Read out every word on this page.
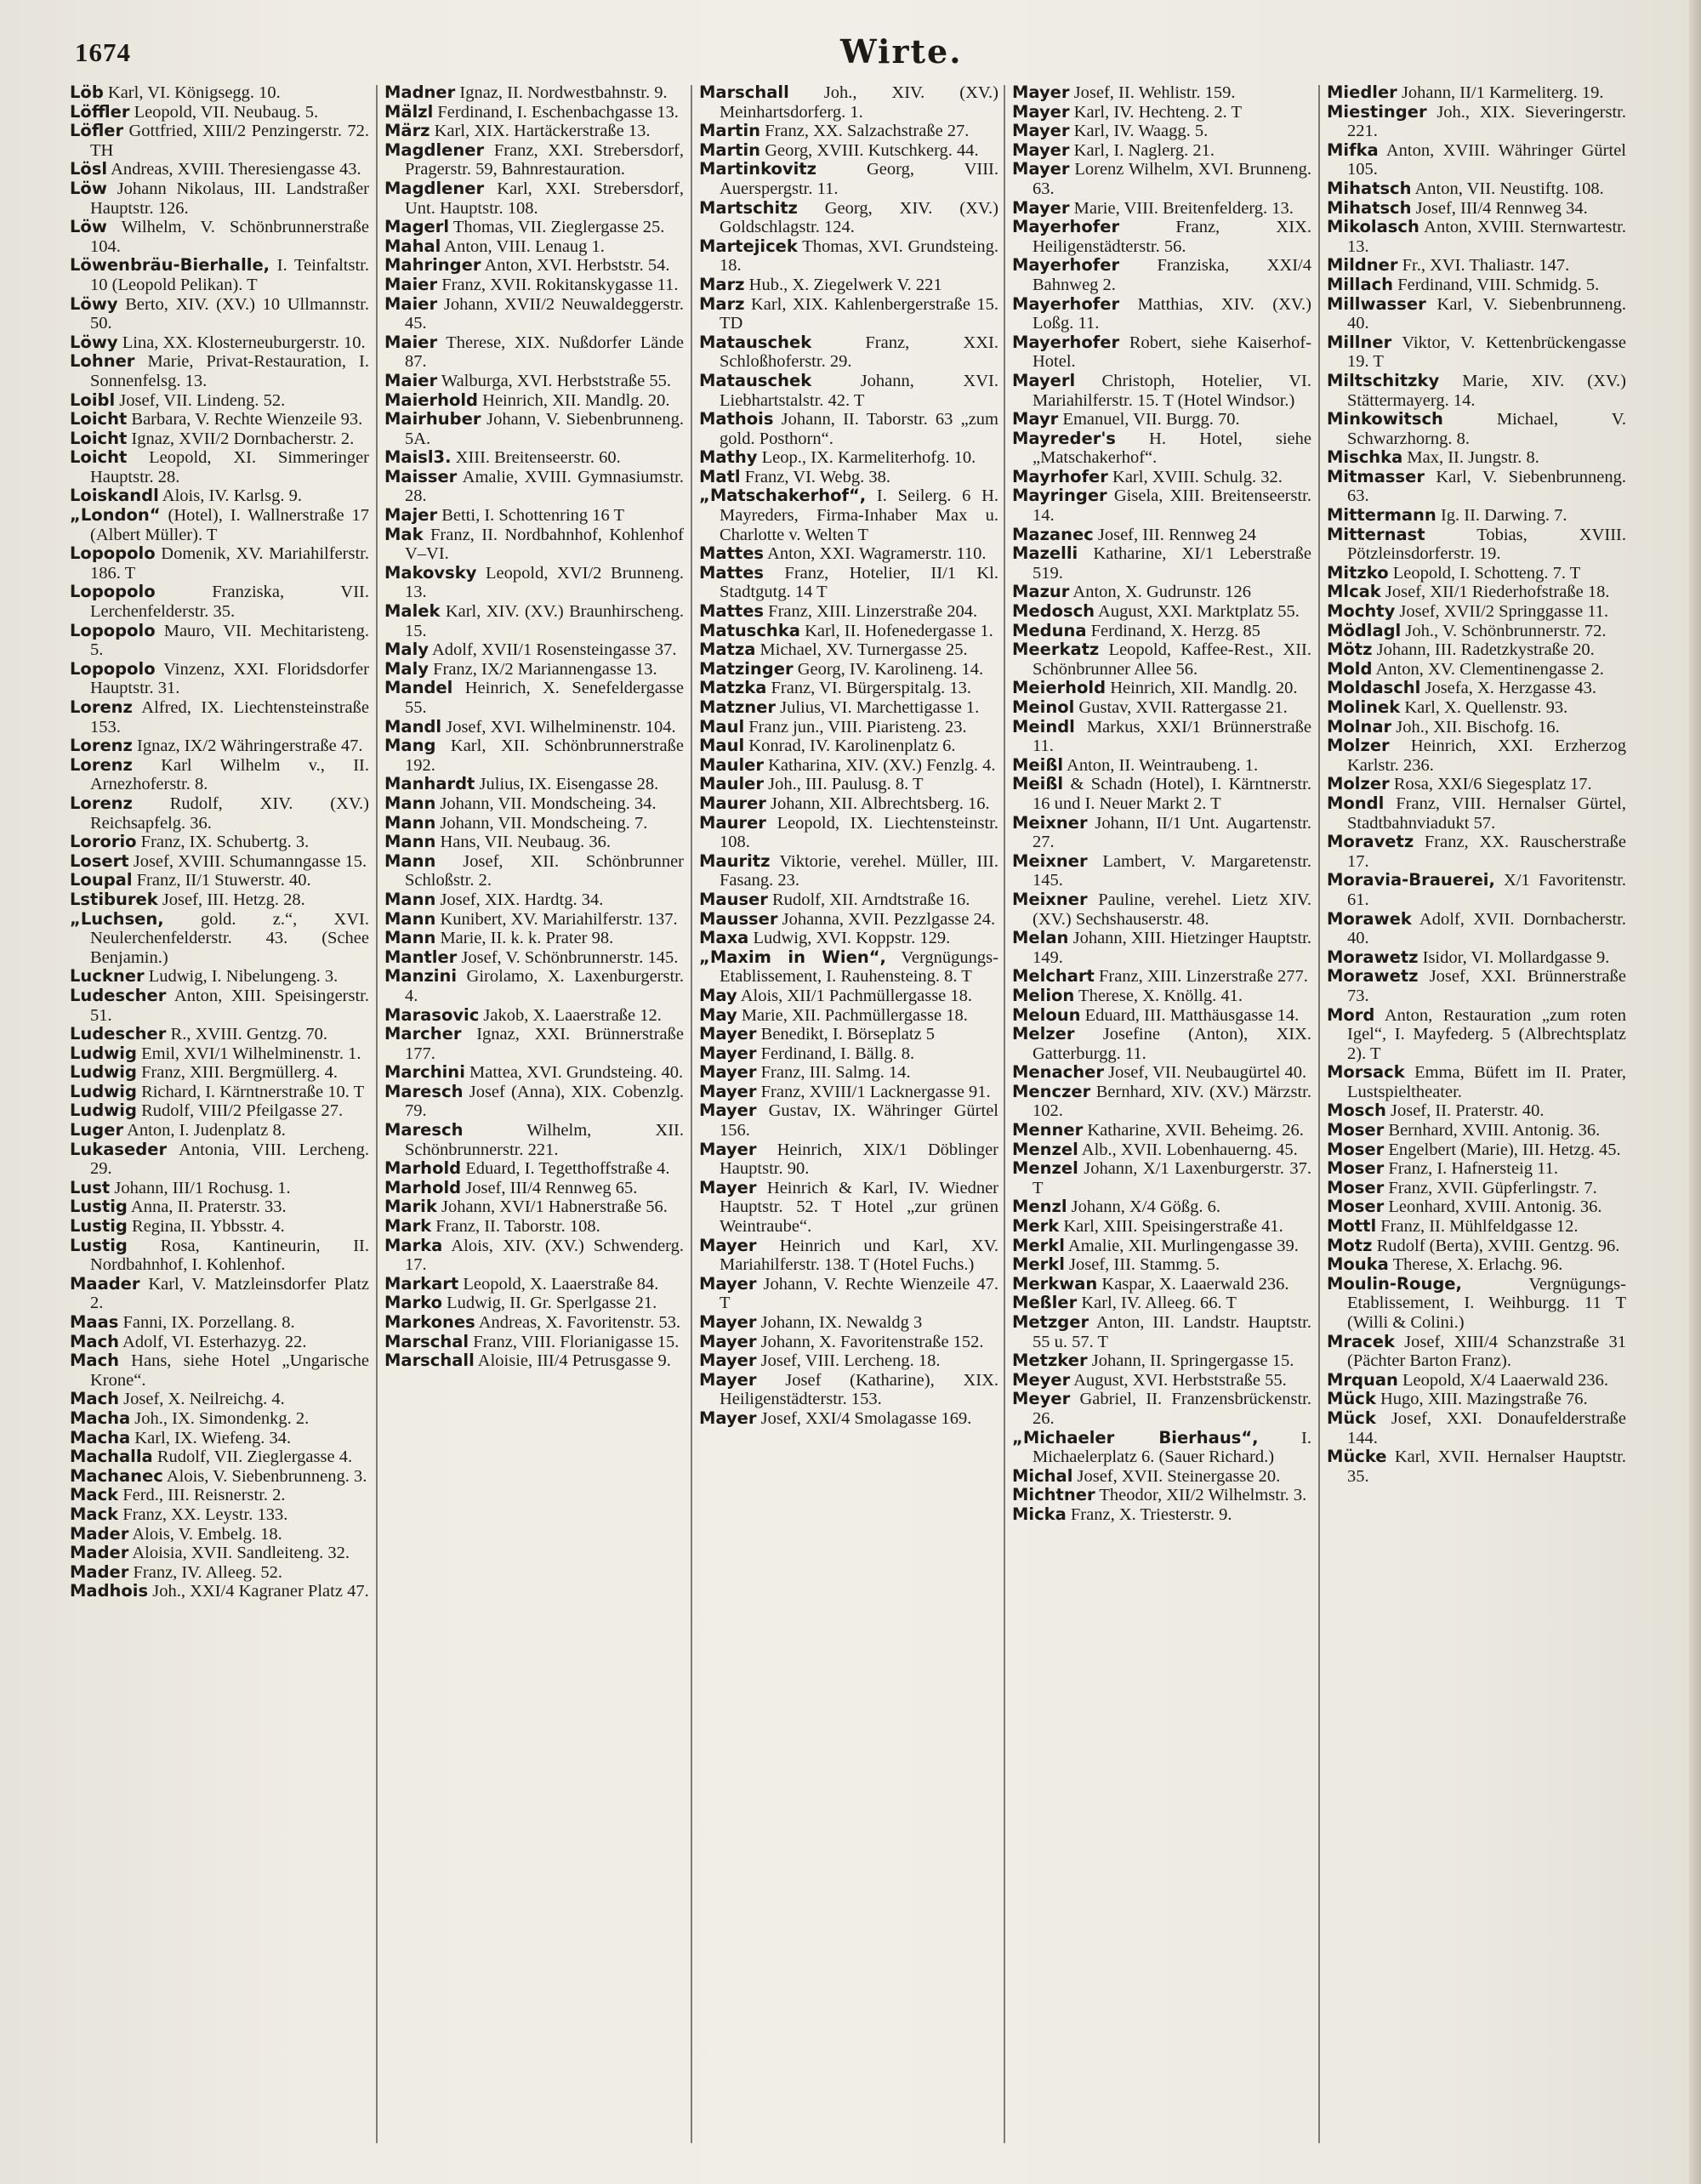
1674	Wirte.

Löb Karl, VI. Königsegg. 10.

Löffler Leopold, VII. Neubaug. 5.

Löfler Gottfried, XIII/2 Penzingerstr. 72. TH

Lösl Andreas, XVIII. Theresiengasse 43.

Löw Johann Nikolaus, III. Landstraßer Hauptstr. 126.

Löw Wilhelm, V. Schönbrunnerstraße 104.

Löwenbräu-Bierhalle, I. Teinfaltstr. 10 (Leopold Pelikan). T

Löwy Berto, XIV. (XV.) 10 Ullmannstr. 50.

Löwy Lina, XX. Klosterneuburgerstr. 10.

Lohner Marie, Privat-Restauration, I. Sonnenfelsg. 13.

Loibl Josef, VII. Lindeng. 52.

Loicht Barbara, V. Rechte Wienzeile 93.

Loicht Ignaz, XVII/2 Dornbacherstr. 2.

Loicht Leopold, XI. Simmeringer Hauptstr. 28.

Loiskandl Alois, IV. Karlsg. 9.

„London“ (Hotel), I. Wallnerstraße 17 (Albert Müller). T

Lopopolo Domenik, XV. Mariahilferstr. 186. T

Lopopolo	Franziska, VII. Lerchenfelderstr. 35.

Lopopolo Mauro, VII. Mechitaristeng. 5.

Lopopolo Vinzenz, XXI. Floridsdorfer Hauptstr. 31.

Lorenz Alfred, IX. Liechtensteinstraße 153.

Lorenz Ignaz, IX/2 Währingerstraße 47.

Lorenz Karl Wilhelm v., II. Arnezhoferstr. 8.

Lorenz Rudolf, XIV. (XV.) Reichsapfelg. 36.

Lororio Franz, IX. Schubertg. 3.

Losert Josef, XVIII. Schumanngasse 15.

Loupal Franz, II/1 Stuwerstr. 40.

Lstiburek Josef, III. Hetzg. 28.

„Luchsen, gold. z.“, XVI. Neulerchenfelderstr. 43. (Schee Benjamin.)

Luckner Ludwig, I. Nibelungeng. 3.

Ludescher Anton, XIII. Speisingerstr. 51.

Ludescher R., XVIII. Gentzg. 70.

Ludwig Emil, XVI/1 Wilhelminenstr. 1.

Ludwig Franz, XIII. Bergmüllerg. 4.

Ludwig Richard, I. Kärntnerstraße 10. T

Ludwig Rudolf, VIII/2 Pfeilgasse 27.

Luger Anton, I. Judenplatz 8.

Lukaseder Antonia, VIII. Lercheng. 29.

Lust Johann, III/1 Rochusg. 1.

Lustig Anna, II. Praterstr. 33.

Lustig Regina, II. Ybbsstr. 4.

Lustig Rosa, Kantineurin, II. Nordbahnhof, I. Kohlenhof.

Maader Karl, V. Matzleinsdorfer Platz 2.

Maas Fanni, IX. Porzellang. 8.

Mach Adolf, VI. Esterhazyg. 22.

Mach Hans, siehe Hotel „Ungarische Krone“.

Mach Josef, X. Neilreichg. 4.

Macha Joh., IX. Simondenkg. 2.

Macha Karl, IX. Wiefeng. 34.

Machalla Rudolf, VII. Zieglergasse 4.

Machanec Alois, V. Siebenbrunneng. 3.

Mack Ferd., III. Reisnerstr. 2.

Mack Franz, XX. Leystr. 133.

Mader Alois, V. Embelg. 18.

Mader Aloisia, XVII. Sandleiteng. 32.

Mader Franz, IV. Alleeg. 52.

Madhois Joh., XXI/4 Kagraner Platz 47.

Madner Ignaz, II. Nordwestbahnstr. 9.

Mälzl Ferdinand, I. Eschenbachgasse 13.

März Karl, XIX. Hartäckerstraße 13.

Magdlener Franz, XXI. Strebersdorf, Pragerstr. 59, Bahnrestauration.

Magdlener Karl, XXI. Strebersdorf, Unt. Hauptstr. 108.

Magerl Thomas, VII. Zieglergasse 25.

Mahal Anton, VIII. Lenaug 1.

Mahringer Anton, XVI. Herbststr. 54.

Maier Franz, XVII. Rokitanskygasse 11.

Maier Johann, XVII/2 Neuwaldeggerstr. 45.

Maier Therese, XIX. Nußdorfer Lände 87.

Maier Walburga, XVI. Herbststraße 55.

Maierhold Heinrich, XII. Mandlg. 20.

Mairhuber Johann, V. Siebenbrunneng. 5A.

Maisl3. XIII. Breitenseerstr. 60.

Maisser Amalie, XVIII. Gymnasiumstr. 28.

Majer Betti, I. Schottenring 16 T

Mak Franz, II. Nordbahnhof, Kohlenhof V–VI.

Makovsky Leopold, XVI/2 Brunneng. 13.

Malek Karl, XIV. (XV.) Braunhirscheng. 15.

Maly Adolf, XVII/1 Rosensteingasse 37.

Maly Franz, IX/2 Mariannengasse 13.

Mandel Heinrich, X. Senefeldergasse 55.

Mandl Josef, XVI. Wilhelminenstr. 104.

Mang Karl, XII. Schönbrunnerstraße 192.

Manhardt Julius, IX. Eisengasse 28.

Mann Johann, VII. Mondscheing. 34.

Mann Johann, VII. Mondscheing. 7.

Mann Hans, VII. Neubaug. 36.

Mann Josef, XII. Schönbrunner Schloßstr. 2.

Mann Josef, XIX. Hardtg. 34.

Mann Kunibert, XV. Mariahilferstr. 137.

Mann Marie, II. k. k. Prater 98.

Mantler Josef, V. Schönbrunnerstr. 145.

Manzini Girolamo, X. Laxenburgerstr. 4.

Marasovic Jakob, X. Laaerstraße 12.

Marcher Ignaz, XXI. Brünnerstraße 177.

Marchini Mattea, XVI. Grundsteing. 40.

Maresch Josef (Anna), XIX. Cobenzlg. 79.

Maresch	Wilhelm, XII. Schönbrunnerstr. 221.

Marhold Eduard, I. Tegetthoffstraße 4.

Marhold Josef, III/4 Rennweg 65.

Marik Johann, XVI/1 Habnerstraße 56.

Mark Franz, II. Taborstr. 108.

Marka Alois, XIV. (XV.) Schwenderg. 17.

Markart Leopold, X. Laaerstraße 84.

Marko Ludwig, II. Gr. Sperlgasse 21.

Markones Andreas, X. Favoritenstr. 53.

Marschal Franz, VIII. Florianigasse 15.

Marschall Aloisie, III/4 Petrusgasse 9.

Marschall Joh., XIV. (XV.) Meinhartsdorferg. 1.

Martin Franz, XX. Salzachstraße 27.

Martin Georg, XVIII. Kutschkerg. 44.

Martinkovitz	Georg, VIII. Auerspergstr. 11.

Martschitz Georg, XIV. (XV.) Goldschlagstr. 124.

Martejicek Thomas, XVI. Grundsteing. 18.

Marz Hub., X. Ziegelwerk V. 221

Marz Karl, XIX. Kahlenbergerstraße 15. TD

Matauschek	Franz, XXI. Schloßhoferstr. 29.

Matauschek	Johann, XVI. Liebhartstalstr. 42. T

Mathois Johann, II. Taborstr. 63 „zum gold. Posthorn“.

Mathy Leop., IX. Karmeliterhofg. 10.

Matl Franz, VI. Webg. 38.

„Matschakerhof“, I. Seilerg. 6 H. Mayreders, Firma-Inhaber Max u. Charlotte v. Welten T

Mattes Anton, XXI. Wagramerstr. 110.

Mattes Franz, Hotelier, II/1 Kl. Stadtgutg. 14 T

Mattes Franz, XIII. Linzerstraße 204.

Matuschka Karl, II. Hofenedergasse 1.

Matza Michael, XV. Turnergasse 25.

Matzinger Georg, IV. Karolineng. 14.

Matzka Franz, VI. Bürgerspitalg. 13.

Matzner Julius, VI. Marchettigasse 1.

Maul Franz jun., VIII. Piaristeng. 23.

Maul Konrad, IV. Karolinenplatz 6.

Mauler Katharina, XIV. (XV.) Fenzlg. 4.

Mauler Joh., III. Paulusg. 8. T

Maurer Johann, XII. Albrechtsberg. 16.

Maurer Leopold, IX. Liechtensteinstr. 108.

Mauritz Viktorie, verehel. Müller, III. Fasang. 23.

Mauser Rudolf, XII. Arndtstraße 16.

Mausser Johanna, XVII. Pezzlgasse 24.

Maxa Ludwig, XVI. Koppstr. 129.

„Maxim in Wien“, Vergnügungs-Etablissement, I. Rauhensteing. 8. T

May Alois, XII/1 Pachmüllergasse 18.

May Marie, XII. Pachmüllergasse 18.

Mayer Benedikt, I. Börseplatz 5

Mayer Ferdinand, I. Bällg. 8.

Mayer Franz, III. Salmg. 14.

Mayer Franz, XVIII/1 Lacknergasse 91.

Mayer Gustav, IX. Währinger Gürtel 156.

Mayer Heinrich, XIX/1 Döblinger Hauptstr. 90.

Mayer Heinrich & Karl, IV. Wiedner Hauptstr. 52. T Hotel „zur grünen Weintraube“.

Mayer Heinrich und Karl, XV. Mariahilferstr. 138. T (Hotel Fuchs.)

Mayer Johann, V. Rechte Wienzeile 47. T

Mayer Johann, IX. Newaldg 3

Mayer Johann, X. Favoritenstraße 152.

Mayer Josef, VIII. Lercheng. 18.

Mayer Josef (Katharine), XIX. Heiligenstädterstr. 153.

Mayer Josef, XXI/4 Smolagasse 169.

Mayer Josef, II. Wehlistr. 159.

Mayer Karl, IV. Hechteng. 2. T

Mayer Karl, IV. Waagg. 5.

Mayer Karl, I. Naglerg. 21.

Mayer Lorenz Wilhelm, XVI. Brunneng. 63.

Mayer Marie, VIII. Breitenfelderg. 13.

Mayerhofer	Franz, XIX. Heiligenstädterstr. 56.

Mayerhofer Franziska, XXI/4 Bahnweg 2.

Mayerhofer Matthias, XIV. (XV.) Loßg. 11.

Mayerhofer Robert, siehe Kaiserhof-Hotel.

Mayerl Christoph, Hotelier, VI. Mariahilferstr. 15. T (Hotel Windsor.)

Mayr Emanuel, VII. Burgg. 70.

Mayreder's H. Hotel, siehe „Matschakerhof“.

Mayrhofer Karl, XVIII. Schulg. 32.

Mayringer Gisela, XIII. Breitenseerstr. 14.

Mazanec Josef, III. Rennweg 24

Mazelli Katharine, XI/1 Leberstraße 519.

Mazur Anton, X. Gudrunstr. 126

Medosch August, XXI. Marktplatz 55.

Meduna Ferdinand, X. Herzg. 85

Meerkatz Leopold, Kaffee-Rest., XII. Schönbrunner Allee 56.

Meierhold Heinrich, XII. Mandlg. 20.

Meinol Gustav, XVII. Rattergasse 21.

Meindl Markus, XXI/1 Brünnerstraße 11.

Meißl Anton, II. Weintraubeng. 1.

Meißl & Schadn (Hotel), I. Kärntnerstr. 16 und I. Neuer Markt 2. T

Meixner Johann, II/1 Unt. Augartenstr. 27.

Meixner Lambert, V. Margaretenstr. 145.

Meixner Pauline, verehel. Lietz XIV. (XV.) Sechshauserstr. 48.

Melan Johann, XIII. Hietzinger Hauptstr. 149.

Melchart Franz, XIII. Linzerstraße 277.

Melion Therese, X. Knöllg. 41.

Meloun Eduard, III. Matthäusgasse 14.

Melzer Josefine (Anton), XIX. Gatterburgg. 11.

Menacher Josef, VII. Neubaugürtel 40.

Menczer Bernhard, XIV. (XV.) Märzstr. 102.

Menner Katharine, XVII. Beheimg. 26.

Menzel Alb., XVII. Lobenhauerng. 45.

Menzel Johann, X/1 Laxenburgerstr. 37. T

Menzl Johann, X/4 Gößg. 6.

Merk Karl, XIII. Speisingerstraße 41.

Merkl Amalie, XII. Murlingengasse 39.

Merkl Josef, III. Stammg. 5.

Merkwan Kaspar, X. Laaerwald 236.

Meßler Karl, IV. Alleeg. 66. T

Metzger Anton, III. Landstr. Hauptstr. 55 u. 57. T

Metzker Johann, II. Springergasse 15.

Meyer August, XVI. Herbststraße 55.

Meyer Gabriel, II. Franzensbrückenstr. 26.

„Michaeler Bierhaus“, I. Michaelerplatz 6. (Sauer Richard.)

Michal Josef, XVII. Steinergasse 20.

Michtner Theodor, XII/2 Wilhelmstr. 3.

Micka Franz, X. Triesterstr. 9.

Miedler Johann, II/1 Karmeliterg. 19.

Miestinger Joh., XIX. Sieveringerstr. 221.

Mifka Anton, XVIII. Währinger Gürtel 105.

Mihatsch Anton, VII. Neustiftg. 108.

Mihatsch Josef, III/4 Rennweg 34.

Mikolasch Anton, XVIII. Sternwartestr. 13.

Mildner Fr., XVI. Thaliastr. 147.

Millach Ferdinand, VIII. Schmidg. 5.

Millwasser Karl, V. Siebenbrunneng. 40.

Millner Viktor, V. Kettenbrückengasse 19. T

Miltschitzky Marie, XIV. (XV.) Stättermayerg. 14.

Minkowitsch	Michael, V. Schwarzhorng. 8.

Mischka Max, II. Jungstr. 8.

Mitmasser Karl, V. Siebenbrunneng. 63.

Mittermann Ig. II. Darwing. 7.

Mitternast	Tobias, XVIII. Pötzleinsdorferstr. 19.

Mitzko Leopold, I. Schotteng. 7. T

Mlcak Josef, XII/1 Riederhofstraße 18.

Mochty Josef, XVII/2 Springgasse 11.

Mödlagl Joh., V. Schönbrunnerstr. 72.

Mötz Johann, III. Radetzkystraße 20.

Mold Anton, XV. Clementinengasse 2.

Moldaschl Josefa, X. Herzgasse 43.

Molinek Karl, X. Quellenstr. 93.

Molnar Joh., XII. Bischofg. 16.

Molzer Heinrich, XXI. Erzherzog Karlstr. 236.

Molzer Rosa, XXI/6 Siegesplatz 17.

Mondl Franz, VIII. Hernalser Gürtel, Stadtbahnviadukt 57.

Moravetz Franz, XX. Rauscherstraße 17.

Moravia-Brauerei, X/1 Favoritenstr. 61.

Morawek Adolf, XVII. Dornbacherstr. 40.

Morawetz Isidor, VI. Mollardgasse 9.

Morawetz Josef, XXI. Brünnerstraße 73.

Mord Anton, Restauration „zum roten Igel“, I. Mayfederg. 5 (Albrechtsplatz 2). T

Morsack Emma, Büfett im II. Prater, Lustspieltheater.

Mosch Josef, II. Praterstr. 40.

Moser Bernhard, XVIII. Antonig. 36.

Moser Engelbert (Marie), III. Hetzg. 45.

Moser Franz, I. Hafnersteig 11.

Moser Franz, XVII. Güpferlingstr. 7.

Moser Leonhard, XVIII. Antonig. 36.

Mottl Franz, II. Mühlfeldgasse 12.

Motz Rudolf (Berta), XVIII. Gentzg. 96.

Mouka Therese, X. Erlachg. 96.

Moulin-Rouge,	Vergnügungs-Etablissement, I. Weihburgg. 11 T (Willi & Colini.)

Mracek Josef, XIII/4 Schanzstraße 31 (Pächter Barton Franz).

Mrquan Leopold, X/4 Laaerwald 236.

Mück Hugo, XIII. Mazingstraße 76.

Mück Josef, XXI. Donaufelderstraße 144.

Mücke Karl, XVII. Hernalser Hauptstr. 35.
